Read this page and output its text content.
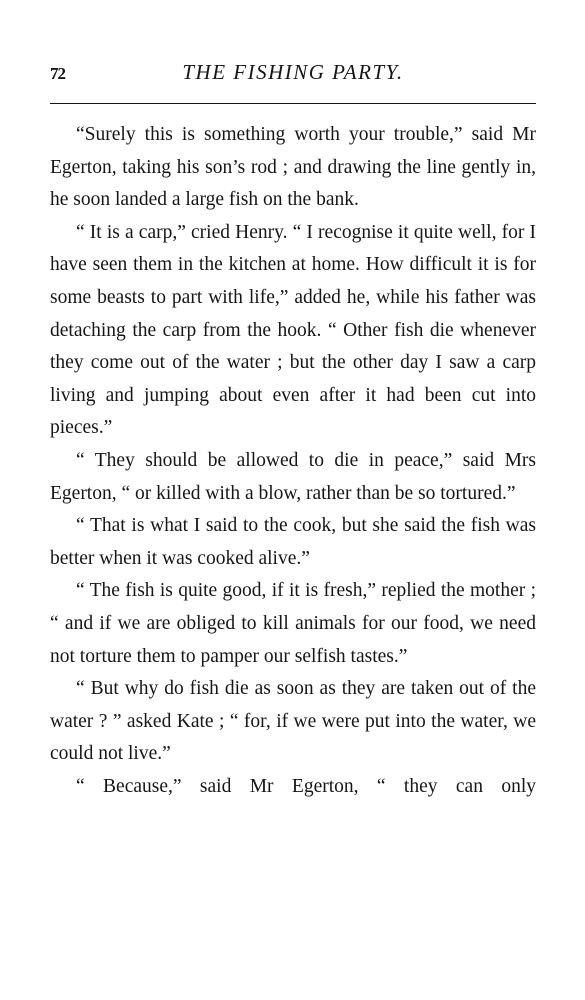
72	THE FISHING PARTY.

“Surely this is something worth your trouble,” said Mr Egerton, taking his son’s rod ; and drawing the line gently in, he soon landed a large fish on the bank.

“ It is a carp,” cried Henry. “ I recognise it quite well, for I have seen them in the kitchen at home. How difficult it is for some beasts to part with life,” added he, while his father was detaching the carp from the hook. “ Other fish die whenever they come out of the water ; but the other day I saw a carp living and jumping about even after it had been cut into pieces.”

“ They should be allowed to die in peace,” said Mrs Egerton, “ or killed with a blow, rather than be so tortured.”

“ That is what I said to the cook, but she said the fish was better when it was cooked alive.”

“ The fish is quite good, if it is fresh,” replied the mother ; “ and if we are obliged to kill animals for our food, we need not torture them to pamper our selfish tastes.”

“ But why do fish die as soon as they are taken out of the water ? ” asked Kate ; “ for, if we were put into the water, we could not live.”

“ Because,” said Mr Egerton, “ they can only
